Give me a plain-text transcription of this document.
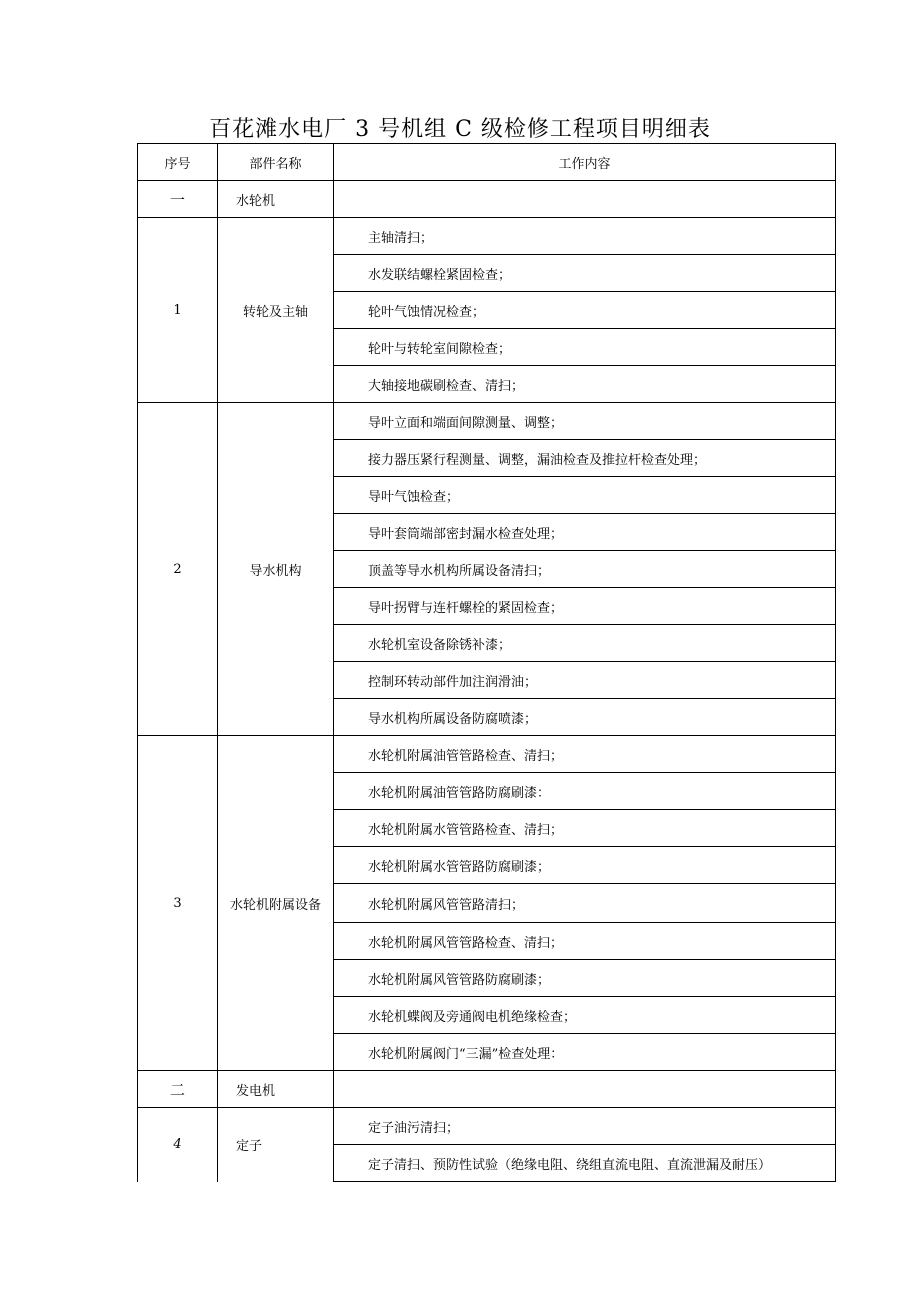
百花滩水电厂 3 号机组 C 级检修工程项目明细表
序号	部件名称	工作内容
一	水轮机	
1	转轮及主轴	主轴清扫；
		水发联结螺栓紧固检查；
		轮叶气蚀情况检查；
		轮叶与转轮室间隙检查；
		大轴接地碳刷检查、清扫；
2	导水机构	导叶立面和端面间隙测量、调整；
		接力器压紧行程测量、调整，漏油检查及推拉杆检查处理；
		导叶气蚀检查；
		导叶套筒端部密封漏水检查处理；
		顶盖等导水机构所属设备清扫；
		导叶拐臂与连杆螺栓的紧固检查；
		水轮机室设备除锈补漆；
		控制环转动部件加注润滑油；
		导水机构所属设备防腐喷漆；
3	水轮机附属设备	水轮机附属油管管路检查、清扫；
		水轮机附属油管管路防腐刷漆：
		水轮机附属水管管路检查、清扫；
		水轮机附属水管管路防腐刷漆；
		水轮机附属风管管路清扫；
		水轮机附属风管管路检查、清扫；
		水轮机附属风管管路防腐刷漆；
		水轮机蝶阀及旁通阀电机绝缘检查；
		水轮机附属阀门“三漏”检查处理：
二	发电机	
4	定子	定子油污清扫；
		定子清扫、预防性试验（绝缘电阻、绕组直流电阻、直流泄漏及耐压）
